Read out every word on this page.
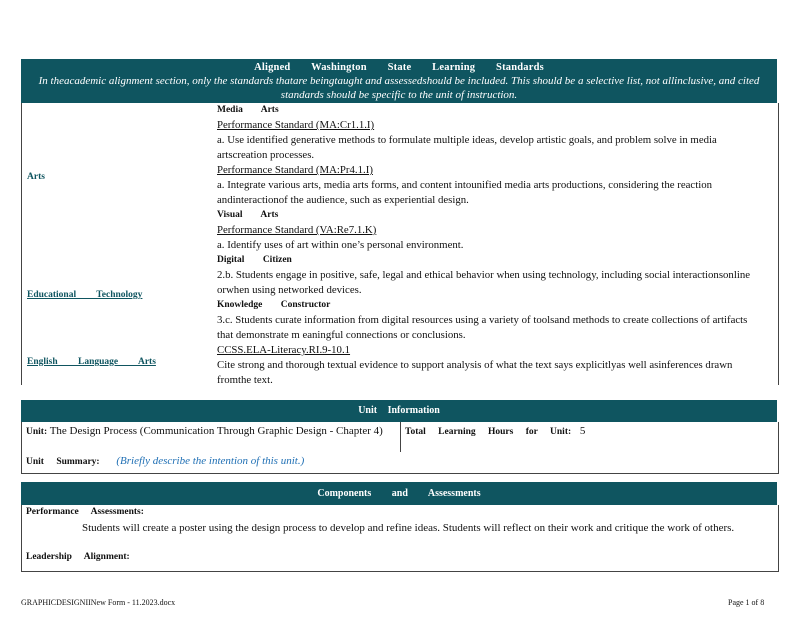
Aligned Washington State Learning Standards
In theacademic alignment section, only the standards thatare beingtaught and assessedshould be included. This should be a selective list, not allinclusive, and cited standards should be specific to the unit of instruction.
Arts
Educational Technology
English Language Arts
Media Arts
Performance Standard (MA:Cr1.1.I)
a. Use identified generative methods to formulate multiple ideas, develop artistic goals, and problem solve in media artscreation processes.
Performance Standard (MA:Pr4.1.I)
a. Integrate various arts, media arts forms, and content intounified media arts productions, considering the reaction andinteractionof the audience, such as experiential design.
Visual Arts
Performance Standard (VA:Re7.1.K)
a. Identify uses of art within one’s personal environment.
Digital Citizen
2.b. Students engage in positive, safe, legal and ethical behavior when using technology, including social interactionsonline orwhen using networked devices.
Knowledge Constructor
3.c. Students curate information from digital resources using a variety of toolsand methods to create collections of artifacts that demonstrate m eaningful connections or conclusions.
CCSS.ELA-Literacy.RI.9-10.1
Cite strong and thorough textual evidence to support analysis of what the text says explicitlyas well asinferences drawn fromthe text.
Unit Information
Unit: The Design Process (Communication Through Graphic Design - Chapter 4)	Total Learning Hours for Unit: 5
Unit Summary: (Briefly describe the intention of this unit.)
Components and Assessments
Performance Assessments:
Students will create a poster using the design process to develop and refine ideas. Students will reflect on their work and critique the work of others.
Leadership Alignment:
GRAPHICDESIGNIINew Form - 11.2023.docx	Page 1 of 8
